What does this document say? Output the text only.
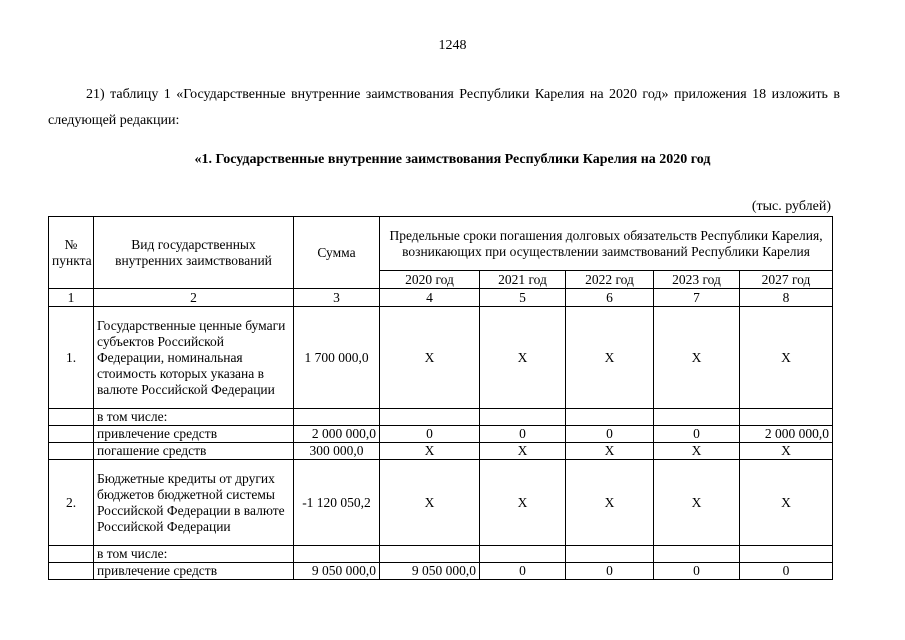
1248
21) таблицу 1 «Государственные внутренние заимствования Республики Карелия на 2020 год» приложения 18 изложить в следующей редакции:
«1. Государственные внутренние заимствования Республики Карелия на 2020 год
(тыс. рублей)
№ пункта	Вид государственных внутренних заимствований	Сумма	Предельные сроки погашения долговых обязательств Республики Карелия, возникающих при осуществлении заимствований Республики Карелия				
			2020 год	2021 год	2022 год	2023 год	2027 год
1	2	3	4	5	6	7	8
1.	Государственные ценные бумаги субъектов Российской Федерации, номинальная стоимость которых указана в валюте Российской Федерации	1 700 000,0	Х	Х	Х	Х	Х
	в том числе:						
	привлечение средств	2 000 000,0	0	0	0	0	2 000 000,0
	погашение средств	300 000,0	Х	Х	Х	Х	Х
2.	Бюджетные кредиты от других бюджетов бюджетной системы Российской Федерации в валюте Российской Федерации	-1 120 050,2	Х	Х	Х	Х	Х
	в том числе:						
	привлечение средств	9 050 000,0	9 050 000,0	0	0	0	0
